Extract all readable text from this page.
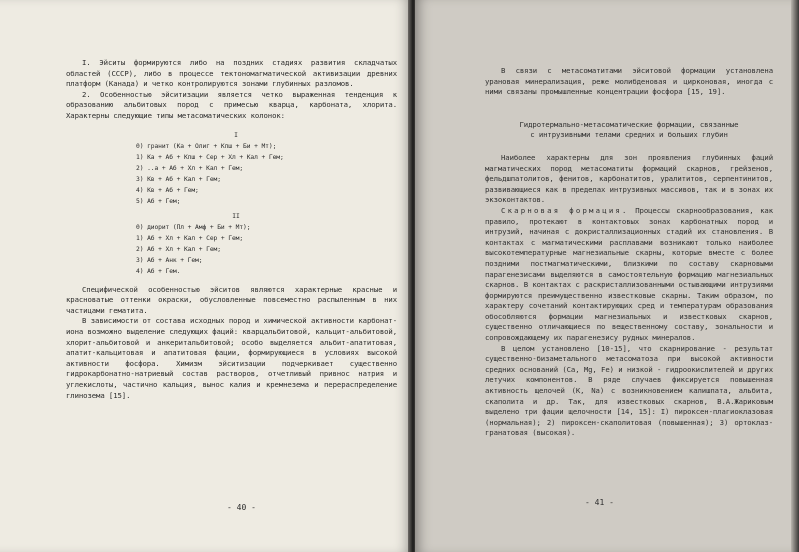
I. Эйситы формируются либо на поздних стадиях развития складчатых областей (СССР), либо в процессе тектономагматической активизации древних платформ (Канада) и четко контролируются зонами глубинных разломов.

2. Особенностью эйситизации является четко выраженная тенденция к образованию альбитовых пород с примесью кварца, карбоната, хлорита. Характерны следующие типы метасоматических колонок:

I
0) гранит (Ка + Олиг + Кпш + Би + Мт);
1) Ка + Аб + Кпш + Сер + Хл + Кал + Гем;
2) ..а + Аб + Хл + Кал + Гем;
3) Кв + Аб + Кал + Гем;
4) Кв + Аб + Гем;
5) Аб + Гем;
II
0) диорит (Пл + Амф + Би + Мт);
1) Аб + Хл + Кал + Сер + Гем;
2) Аб + Хл + Кал + Гем;
3) Аб + Анк + Гем;
4) Аб + Гем.

Специфической особенностью эйситов являются характерные красные и красноватые оттенки окраски, обусловленные повсеместно распыленным в них частицами гематита.

В зависимости от состава исходных пород и химической активности карбонат-иона возможно выделение следующих фаций: кварцальбитовой, кальцит-альбитовой, хлорит-альбитовой и анкеритальбитовой; особо выделяется альбит-апатитовая, апатит-кальцитовая и апатитовая фации, формирующиеся в условиях высокой активности фосфора. Химизм эйситизации подчеркивает существенно гидрокарбонатно-натриевый состав растворов, отчетливый привнос натрия и углекислоты, частично кальция, вынос калия и кремнезема и перераспределение глинозема [15].

- 40 -

В связи с метасоматитами эйситовой формации установлена урановая минерализация, реже молибденовая и цирконовая, иногда с ними связаны промышленные концентрации фосфора [15, 19].

Гидротермально-метасоматические формации, связанные

с интрузивными телами средних и больших глубин

Наиболее характерны для зон проявления глубинных фаций магматических пород метасоматиты формаций скарнов, грейзенов, фельдшпатолитов, фенитов, карбонатитов, уралититов, серпентинитов, развивающиеся как в пределах интрузивных массивов, так и в зонах их экзоконтактов.

Скарновая формация. Процессы скарнообразования, как правило, протекают в контактовых зонах карбонатных пород и интрузий, начиная с докристаллизационных стадий их становления. В контактах с магматическими расплавами возникают только наиболее высокотемпературные магнезиальные скарны, которые вместе с более поздними постмагматическими, близкими по составу скарновыми парагенезисами выделяются в самостоятельную формацию магнезиальных скарнов. В контактах с раскристаллизованными остывающими интрузиями формируются преимущественно известковые скарны. Таким образом, по характеру сочетаний контактирующих сред и температурам образования обособляются формации магнезиальных и известковых скарнов, существенно отличающиеся по вещественному составу, зональности и сопровождающему их парагенезису рудных минералов.

В целом установлено [10-15], что скарнирование - результат существенно-бизаметального метасоматоза при высокой активности средних оснований (Ca, Mg, Fe) и низкой - гидроокислителей и других летучих компонентов. В ряде случаев фиксируется повышенная активность щелочей (K, Na) с возникновением калишпата, альбита, скаполита и др. Так, для известковых скарнов, В.А.Жариковым выделено три фации щелочности [14, 15]: I) пироксен-плагиоклазовая (нормальная); 2) пироксен-скаполитовая (повышенная); 3) ортоклаз-гранатовая (высокая).

- 41 -
